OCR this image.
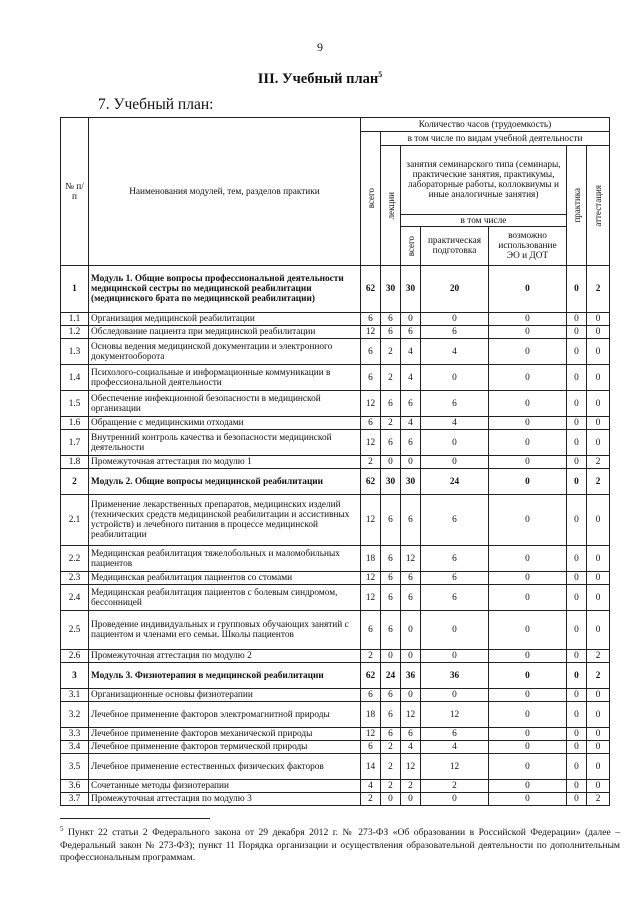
9
III. Учебный план$^5$
7. Учебный план:
№ п/п	Наименования модулей, тем, разделов практики	Количество часов (трудоемкость)						

		всего	в том числе по видам учебной деятельности					

			лекции	занятия семинарского типа (семинары, практические занятия, практикумы, лабораторные работы, коллоквиумы и иные аналогичные занятия)			практика	аттестация

				в том числе				

				всего	практическая подготовка	возможно использование ЭО и ДОТ		
1	Модуль 1. Общие вопросы профессиональной деятельности медицинской сестры по медицинской реабилитации (медицинского брата по медицинской реабилитации)	62	30	30	20	0	0	2
1.1	Организация медицинской реабилитации	6	6	0	0	0	0	0
1.2	Обследование пациента при медицинской реабилитации	12	6	6	6	0	0	0
1.3	Основы ведения медицинской документации и электронного документооборота	6	2	4	4	0	0	0
1.4	Психолого-социальные и информационные коммуникации в профессиональной деятельности	6	2	4	0	0	0	0
1.5	Обеспечение инфекционной безопасности в медицинской организации	12	6	6	6	0	0	0
1.6	Обращение с медицинскими отходами	6	2	4	4	0	0	0
1.7	Внутренний контроль качества и безопасности медицинской деятельности	12	6	6	0	0	0	0
1.8	Промежуточная аттестация по модулю 1	2	0	0	0	0	0	2
2	Модуль 2. Общие вопросы медицинской реабилитации	62	30	30	24	0	0	2
2.1	Применение лекарственных препаратов, медицинских изделий (технических средств медицинской реабилитации и ассистивных устройств) и лечебного питания в процессе медицинской реабилитации	12	6	6	6	0	0	0
2.2	Медицинская реабилитация тяжелобольных и маломобильных пациентов	18	6	12	6	0	0	0
2.3	Медицинская реабилитация пациентов со стомами	12	6	6	6	0	0	0
2.4	Медицинская реабилитация пациентов с болевым синдромом, бессонницей	12	6	6	6	0	0	0
2.5	Проведение индивидуальных и групповых обучающих занятий с пациентом и членами его семьи. Школы пациентов	6	6	0	0	0	0	0
2.6	Промежуточная аттестация по модулю 2	2	0	0	0	0	0	2
3	Модуль 3. Физиотерапия в медицинской реабилитации	62	24	36	36	0	0	2
3.1	Организационные основы физиотерапии	6	6	0	0	0	0	0
3.2	Лечебное применение факторов электромагнитной природы	18	6	12	12	0	0	0
3.3	Лечебное применение факторов механической природы	12	6	6	6	0	0	0
3.4	Лечебное применение факторов термической природы	6	2	4	4	0	0	0
3.5	Лечебное применение естественных физических факторов	14	2	12	12	0	0	0
3.6	Сочетанные методы физиотерапии	4	2	2	2	0	0	0
3.7	Промежуточная аттестация по модулю 3	2	0	0	0	0	0	2
$^5$ Пункт 22 статьи 2 Федерального закона от 29 декабря 2012 г. № 273-ФЗ «Об образовании в Российской Федерации» (далее – Федеральный закон № 273-ФЗ); пункт 11 Порядка организации и осуществления образовательной деятельности по дополнительным профессиональным программам.
